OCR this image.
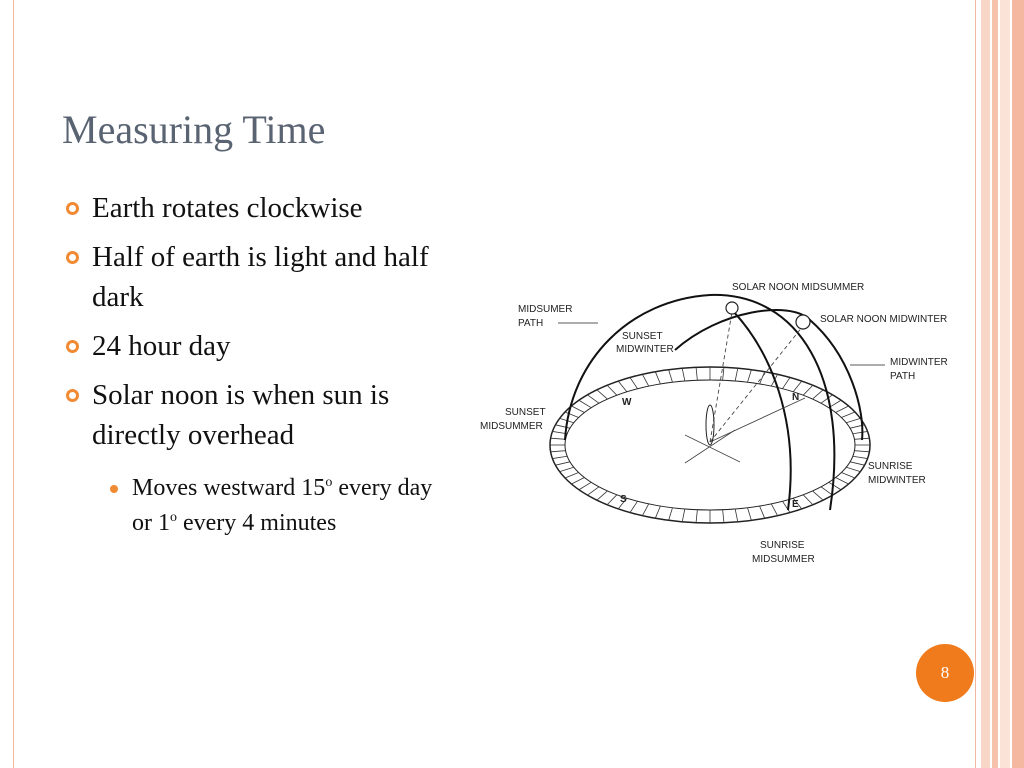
Measuring Time
Earth rotates clockwise
Half of earth is light and half dark
24 hour day
Solar noon is when sun is directly overhead
Moves westward 15$^o$ every day or 1$^o$ every 4 minutes
W	N
S	E
SOLAR NOON MIDSUMMER
SOLAR NOON MIDWINTER
MIDSUMER
PATH
SUNSET
MIDWINTER
MIDWINTER
PATH
SUNSET
MIDSUMMER
SUNRISE
MIDWINTER
SUNRISE
MIDSUMMER
8
